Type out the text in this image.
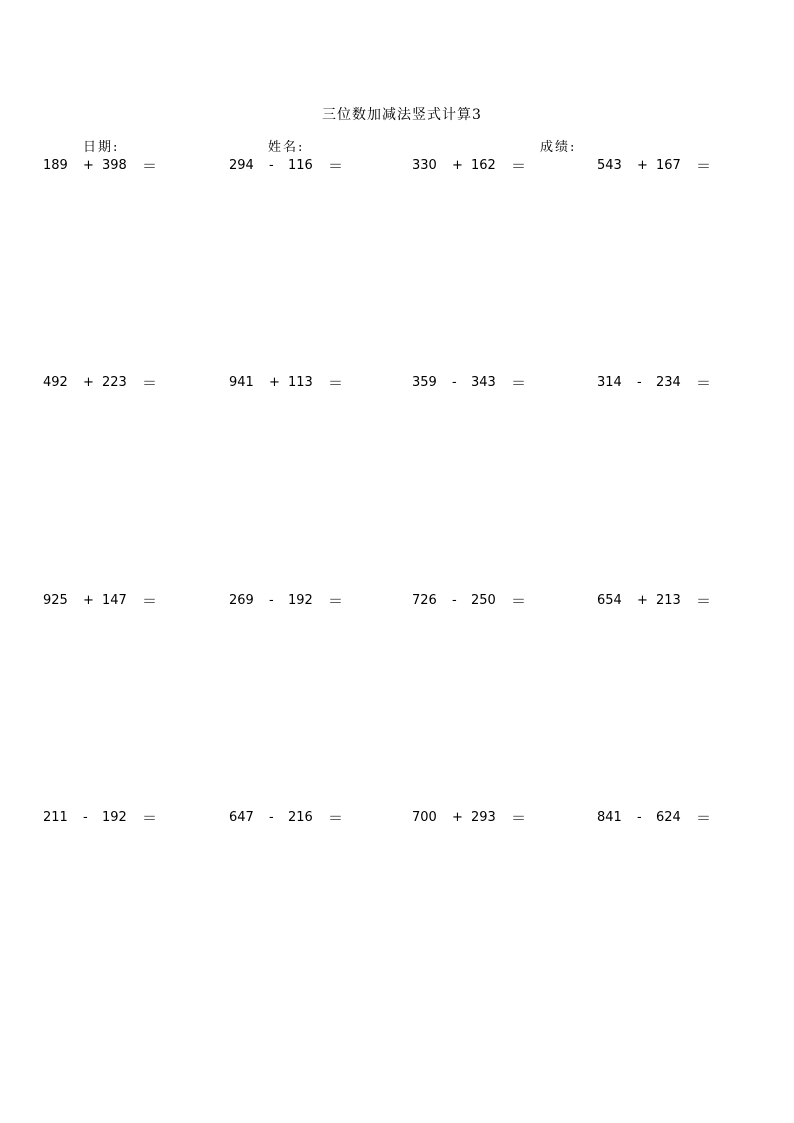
三位数加减法竖式计算3
日期:	姓名:	成绩:
189 + 398 ＝	294 - 116 ＝	330 + 162 ＝	543 + 167 ＝
492 + 223 ＝	941 + 113 ＝	359 - 343 ＝	314 - 234 ＝
925 + 147 ＝	269 - 192 ＝	726 - 250 ＝	654 + 213 ＝
211 - 192 ＝	647 - 216 ＝	700 + 293 ＝	841 - 624 ＝
